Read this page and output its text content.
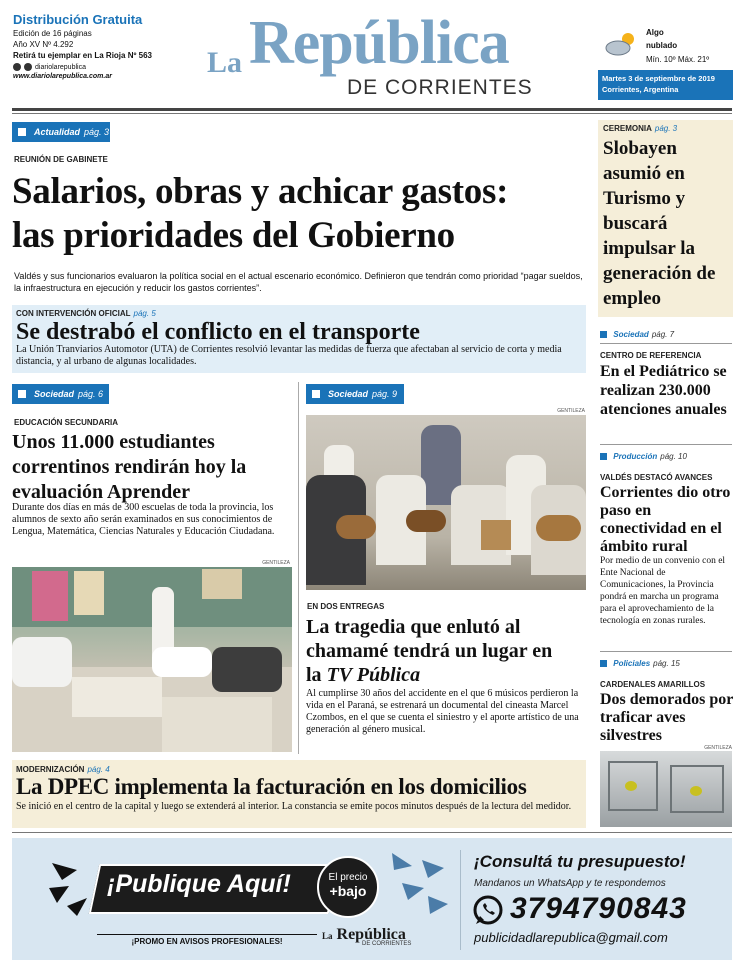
Distribución Gratuita
Edición de 16 páginas
Año XV Nº 4.292
Retirá tu ejemplar en La Rioja Nº 563
diariolarepublica
www.diariolarepublica.com.ar	La República
DE CORRIENTES
Algo nublado
Mín. 10º Máx. 21º
Martes 3 de septiembre de 2019
Corrientes, Argentina
Actualidad pág. 3
REUNIÓN DE GABINETE
Salarios, obras y achicar gastos:
las prioridades del Gobierno
Valdés y sus funcionarios evaluaron la política social en el actual escenario económico. Definieron que tendrán como prioridad “pagar sueldos, la infraestructura en ejecución y reducir los gastos corrientes”.
CON INTERVENCIÓN OFICIAL pág. 5
Se destrabó el conflicto en el transporte
La Unión Tranviarios Automotor (UTA) de Corrientes resolvió levantar las medidas de fuerza que afectaban al servicio de corta y media distancia, y al urbano de algunas localidades.
Sociedad pág. 6
EDUCACIÓN SECUNDARIA
Unos 11.000 estudiantes correntinos rendirán hoy la evaluación Aprender
Durante dos días en más de 300 escuelas de toda la provincia, los alumnos de sexto año serán examinados en sus conocimientos de Lengua, Matemática, Ciencias Naturales y Educación Ciudadana.
GENTILEZA
Sociedad pág. 9
GENTILEZA
EN DOS ENTREGAS
La tragedia que enlutó al chamamé tendrá un lugar en la TV Pública
Al cumplirse 30 años del accidente en el que 6 músicos perdieron la vida en el Paraná, se estrenará un documental del cineasta Marcel Czombos, en el que se cuenta el siniestro y el aporte artístico de una generación al género musical.
MODERNIZACIÓN pág. 4
La DPEC implementa la facturación en los domicilios
Se inició en el centro de la capital y luego se extenderá al interior. La constancia se emite pocos minutos después de la lectura del medidor.
CEREMONIA pág. 3
Slobayen asumió en Turismo y buscará impulsar la generación de empleo
Sociedad pág. 7
CENTRO DE REFERENCIA
En el Pediátrico se realizan 230.000 atenciones anuales
Producción pág. 10
VALDÉS DESTACÓ AVANCES
Corrientes dio otro paso en conectividad en el ámbito rural
Por medio de un convenio con el Ente Nacional de Comunicaciones, la Provincia pondrá en marcha un programa para el aprovechamiento de la tecnología en zonas rurales.
Policiales pág. 15
CARDENALES AMARILLOS
Dos demorados por traficar aves silvestres
GENTILEZA
¡Publique Aquí!	El precio
+bajo
¡PROMO EN AVISOS PROFESIONALES!
La República
DE CORRIENTES
¡Consultá tu presupuesto!
Mandanos un WhatsApp y te respondemos
3794790843
publicidadlarepublica@gmail.com
